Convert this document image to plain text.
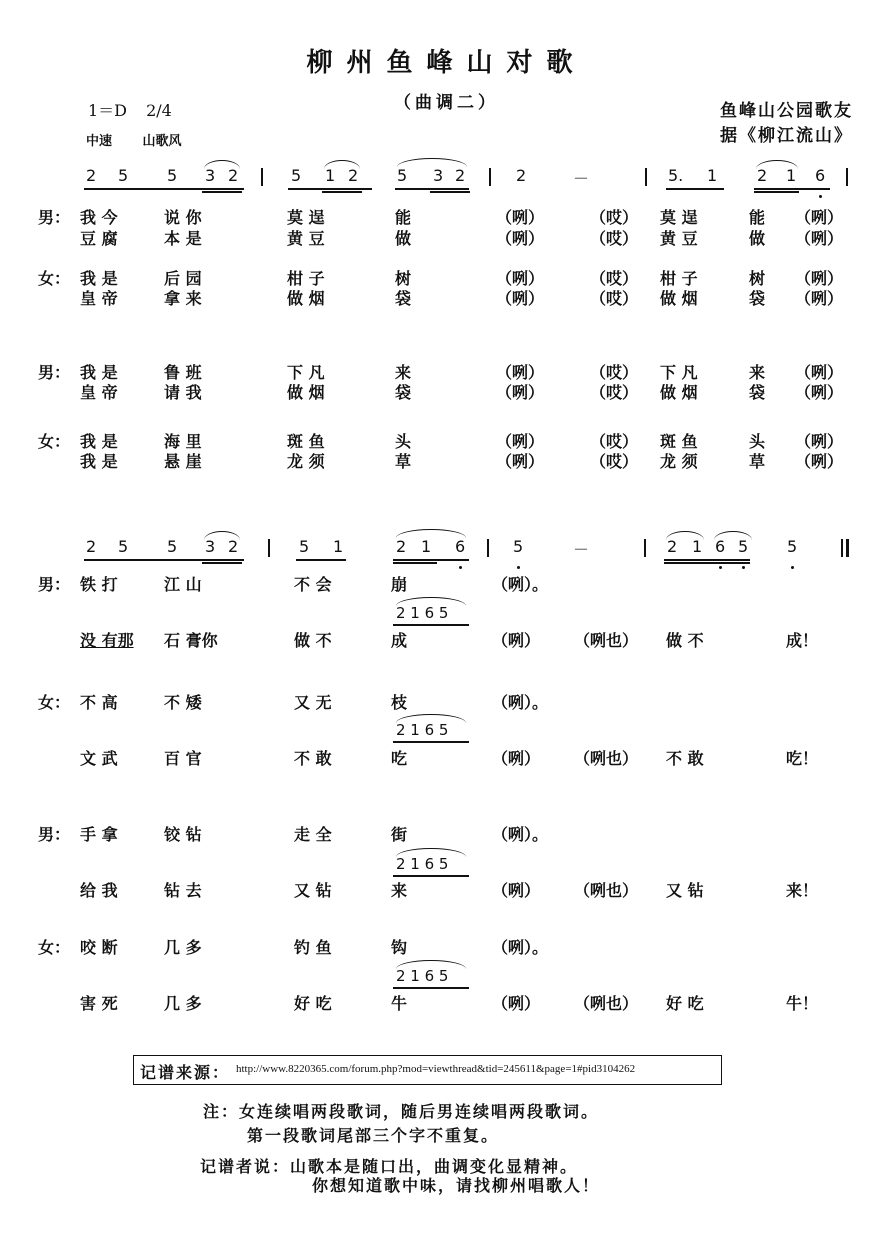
柳州鱼峰山对歌
（曲调二）
1＝D 2/4
中速 山歌风
鱼峰山公园歌友
据《柳江流山》
2 5 5 3 2	5 1 2 5 3 2	2	－	5. 1 2 1 6
男： 我 今	说 你	莫 逞	能	（咧）	（哎） 莫 逞	能 （咧）
豆 腐	本 是	黄 豆	做	（咧）	（哎） 黄 豆	做 （咧）
女： 我 是	后 园	柑 子	树	（咧）	（哎） 柑 子	树 （咧）
皇 帝	拿 来	做 烟	袋	（咧）	（哎） 做 烟	袋 （咧）
男： 我 是	鲁 班	下 凡	来	（咧）	（哎） 下 凡	来 （咧）
皇 帝	请 我	做 烟	袋	（咧）	（哎） 做 烟	袋 （咧）
女： 我 是	海 里	斑 鱼	头	（咧）	（哎） 斑 鱼	头 （咧）
我 是	悬 崖	龙 须	草	（咧）	（哎） 龙 须	草 （咧）
2 5 5 3 2	5 1	2 1 6	5	－	2 1 6 5 5
2 1 6 5
2 1 6 5
2 1 6 5
2 1 6 5
男： 铁 打	江 山	不 会	崩	（咧）。
没 有那 石 膏你	做 不	成	（咧） （咧也） 做 不	成！
女： 不 高	不 矮	又 无	枝	（咧）。
文 武	百 官	不 敢	吃	（咧） （咧也） 不 敢	吃！
男： 手 拿	铰 钻	走 全	街	（咧）。
给 我	钻 去	又 钻	来	（咧） （咧也） 又 钻	来！
女： 咬 断	几 多	钓 鱼	钩	（咧）。
害 死	几 多	好 吃	牛	（咧） （咧也） 好 吃	牛！
记谱来源： http://www.8220365.com/forum.php?mod=viewthread&tid=245611&page=1#pid3104262
注：女连续唱两段歌词，随后男连续唱两段歌词。
第一段歌词尾部三个字不重复。
记谱者说：山歌本是随口出，曲调变化显精神。
你想知道歌中味，请找柳州唱歌人！
